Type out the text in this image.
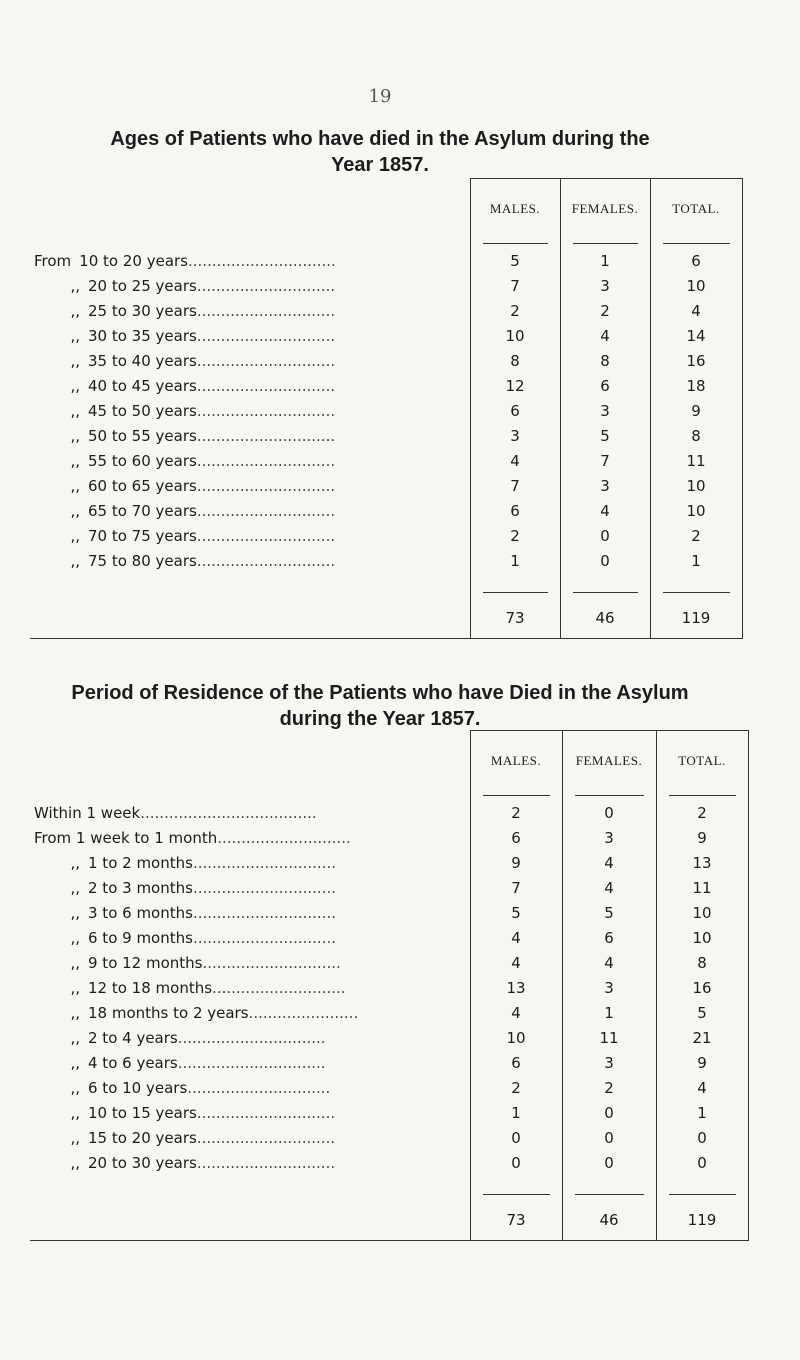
19
Ages of Patients who have died in the Asylum during the
Year 1857.
	MALES.	FEMALES.	TOTAL.

From 10 to 20 years...............................	5	1	6
,, 20 to 25 years.............................	7	3	10
,, 25 to 30 years.............................	2	2	4
,, 30 to 35 years.............................	10	4	14
,, 35 to 40 years.............................	8	8	16
,, 40 to 45 years.............................	12	6	18
,, 45 to 50 years.............................	6	3	9
,, 50 to 55 years.............................	3	5	8
,, 55 to 60 years.............................	4	7	11
,, 60 to 65 years.............................	7	3	10
,, 65 to 70 years.............................	6	4	10
,, 70 to 75 years.............................	2	0	2
,, 75 to 80 years.............................	1	0	1

	73	46	119
Period of Residence of the Patients who have Died in the Asylum
during the Year 1857.
	MALES.	FEMALES.	TOTAL.

Within 1 week.....................................	2	0	2
From 1 week to 1 month............................	6	3	9
,, 1 to 2 months..............................	9	4	13
,, 2 to 3 months..............................	7	4	11
,, 3 to 6 months..............................	5	5	10
,, 6 to 9 months..............................	4	6	10
,, 9 to 12 months.............................	4	4	8
,, 12 to 18 months............................	13	3	16
,, 18 months to 2 years.......................	4	1	5
,, 2 to 4 years...............................	10	11	21
,, 4 to 6 years...............................	6	3	9
,, 6 to 10 years..............................	2	2	4
,, 10 to 15 years.............................	1	0	1
,, 15 to 20 years.............................	0	0	0
,, 20 to 30 years.............................	0	0	0

	73	46	119
